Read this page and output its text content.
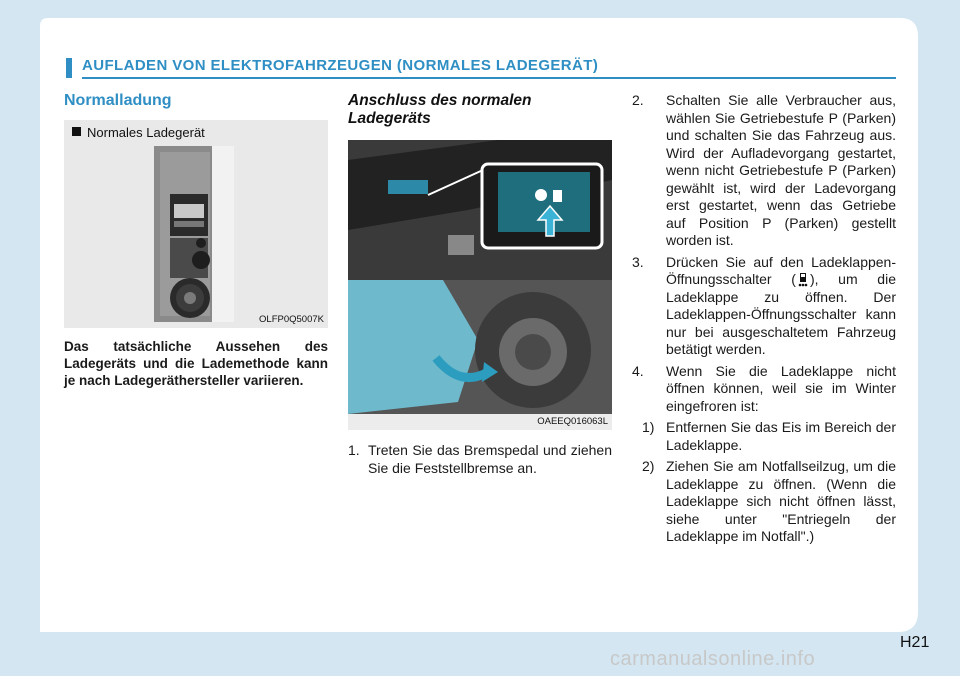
AUFLADEN VON ELEKTROFAHRZEUGEN (NORMALES LADEGERÄT)
Normalladung
Normales Ladegerät
OLFP0Q5007K
Das tatsächliche Aussehen des Ladegeräts und die Lademethode kann je nach Ladegeräthersteller variieren.
Anschluss des normalen Ladegeräts
OAEEQ016063L
1. Treten Sie das Bremspedal und ziehen Sie die Feststellbremse an.
2. Schalten Sie alle Verbraucher aus, wählen Sie Getriebestufe P (Parken) und schalten Sie das Fahrzeug aus. Wird der Aufladevorgang gestartet, wenn nicht Getriebestufe P (Parken) gewählt ist, wird der Ladevorgang erst gestartet, wenn das Getriebe auf Position P (Parken) gestellt worden ist.
3. Drücken Sie auf den Ladeklappen-Öffnungsschalter ( ), um die Ladeklappe zu öffnen. Der Ladeklappen-Öffnungsschalter kann nur bei ausgeschaltetem Fahrzeug betätigt werden.
4. Wenn Sie die Ladeklappe nicht öffnen können, weil sie im Winter eingefroren ist:
1) Entfernen Sie das Eis im Bereich der Ladeklappe.
2) Ziehen Sie am Notfallseilzug, um die Ladeklappe zu öffnen. (Wenn die Ladeklappe sich nicht öffnen lässt, siehe unter "Entriegeln der Ladeklappe im Notfall".)
H21
carmanualsonline.info
